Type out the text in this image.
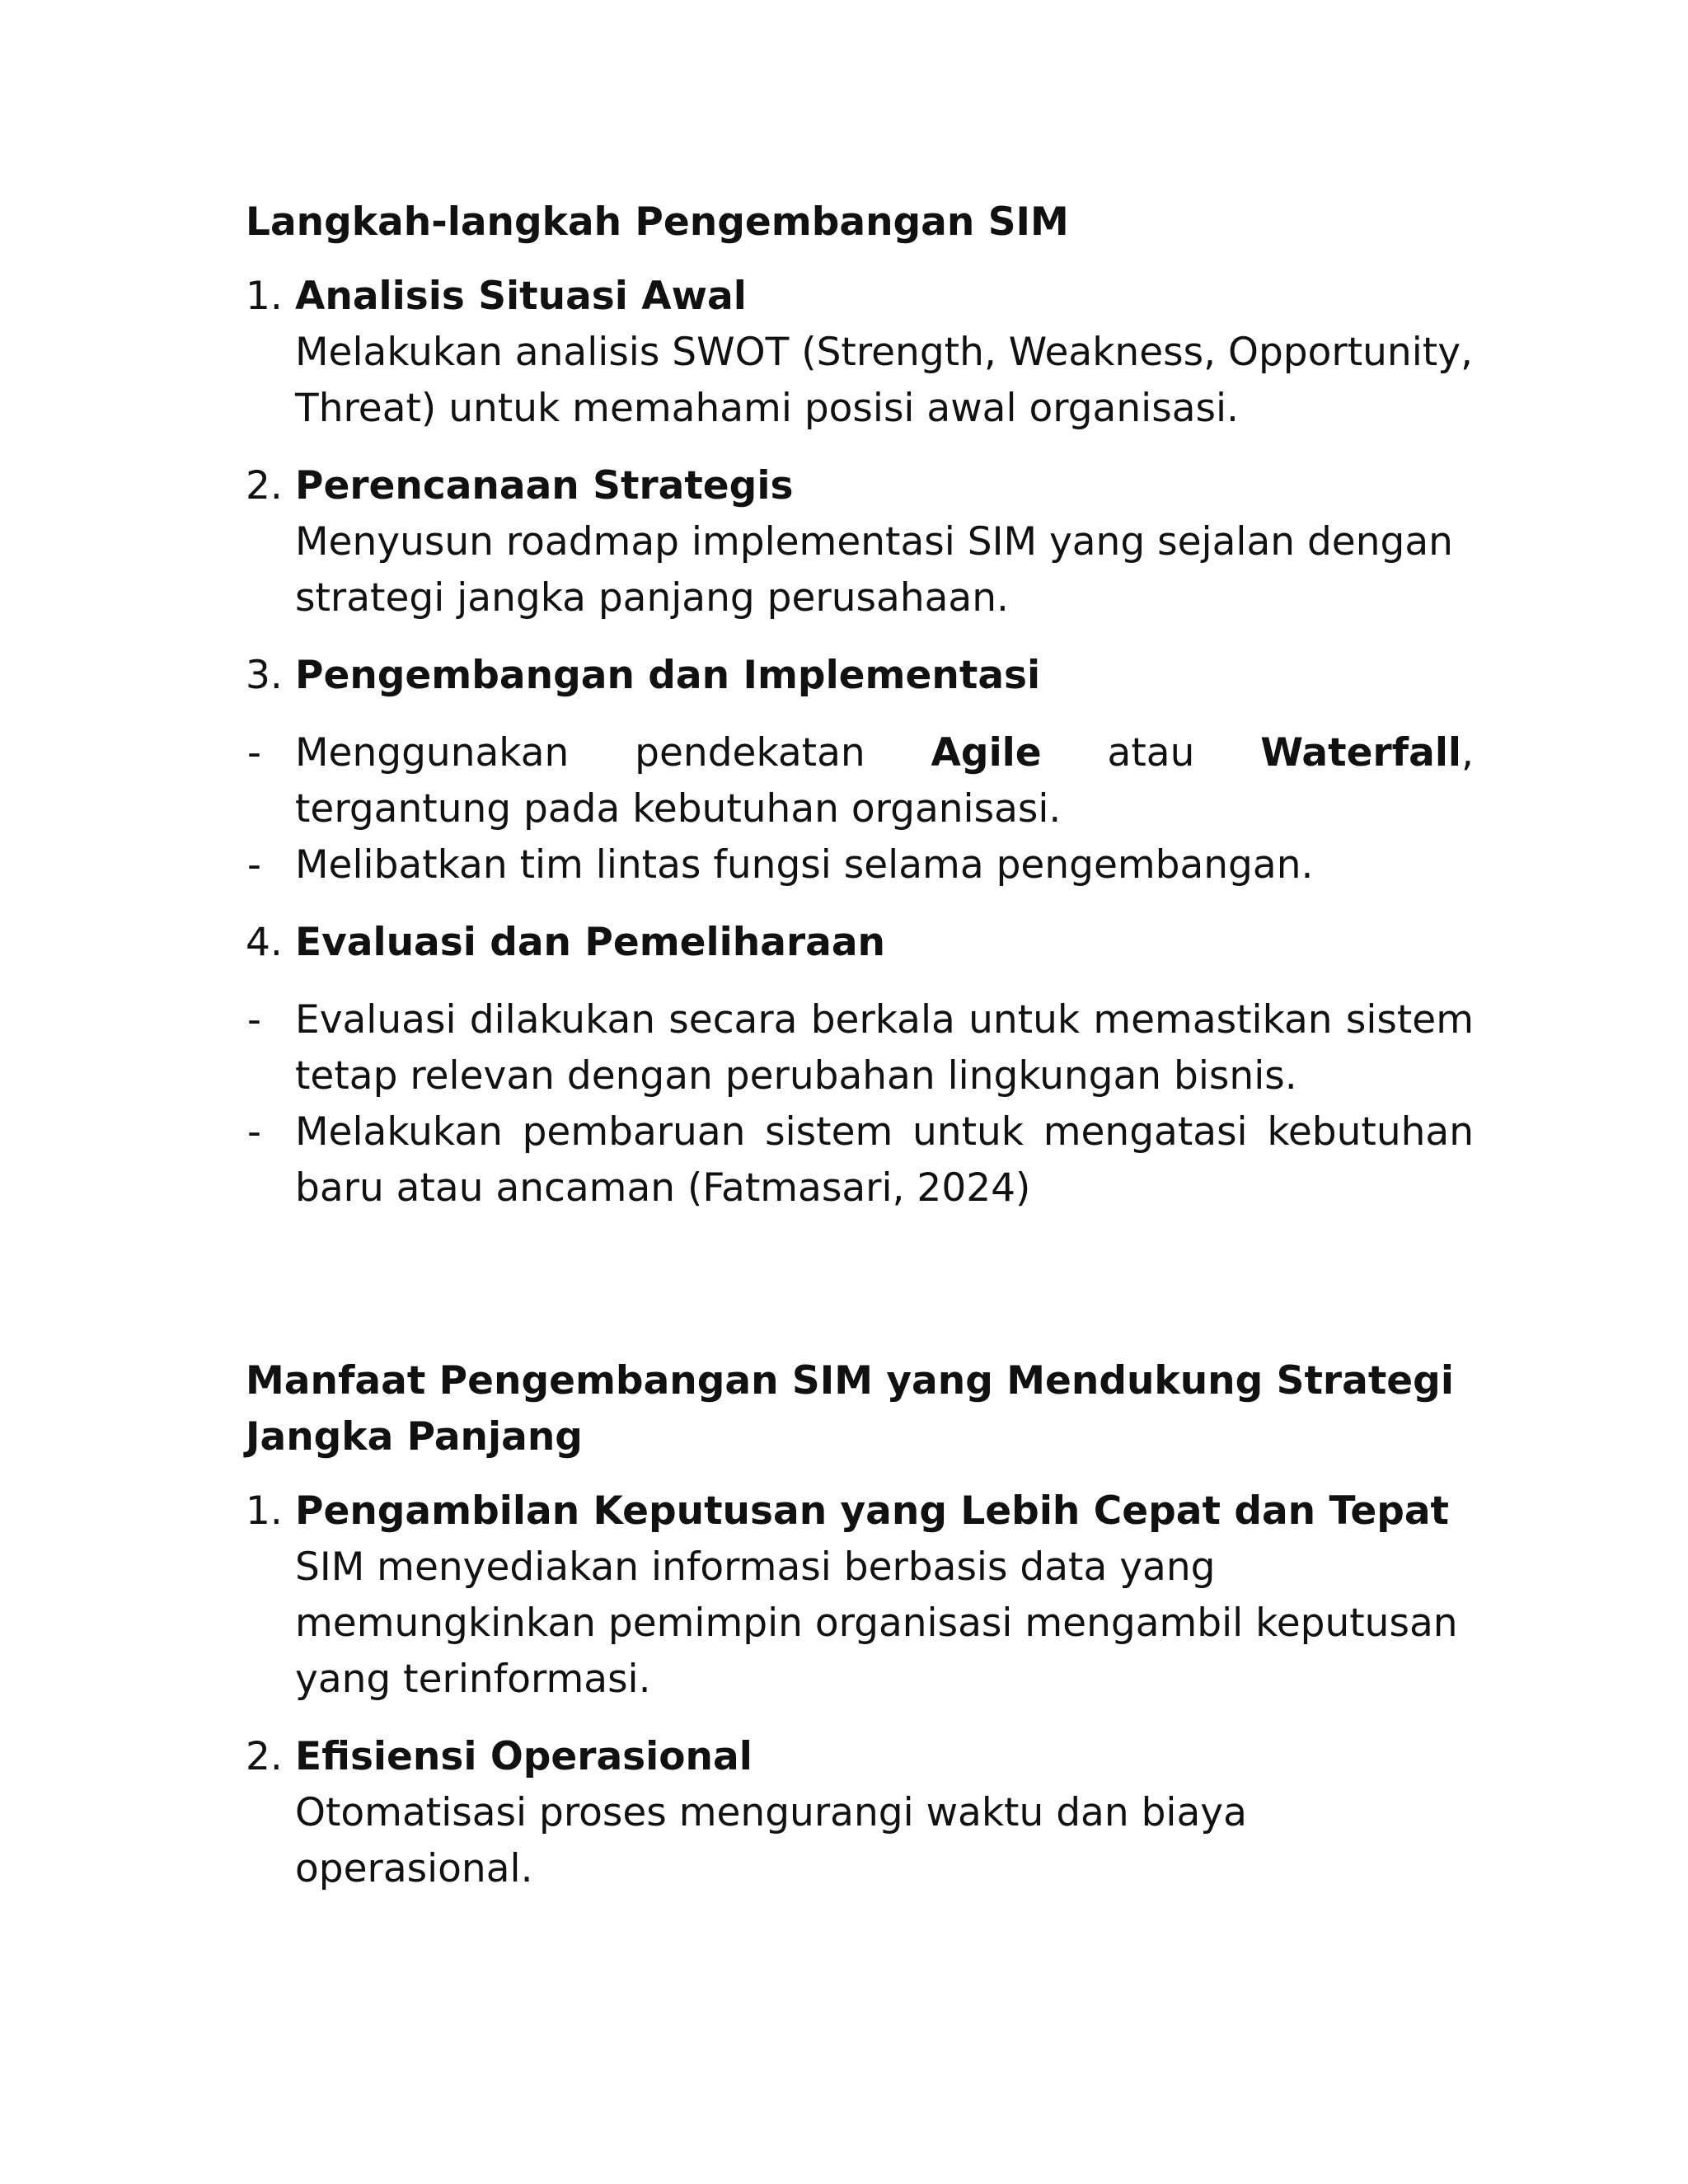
Langkah-langkah Pengembangan SIM

1. Analisis Situasi Awal
Melakukan analisis SWOT (Strength, Weakness, Opportunity, Threat) untuk memahami posisi awal organisasi.
2. Perencanaan Strategis
Menyusun roadmap implementasi SIM yang sejalan dengan strategi jangka panjang perusahaan.
3. Pengembangan dan Implementasi
- Menggunakan pendekatan Agile atau Waterfall, tergantung pada kebutuhan organisasi.
- Melibatkan tim lintas fungsi selama pengembangan.
4. Evaluasi dan Pemeliharaan
- Evaluasi dilakukan secara berkala untuk memastikan sistem tetap relevan dengan perubahan lingkungan bisnis.
- Melakukan pembaruan sistem untuk mengatasi kebutuhan baru atau ancaman (Fatmasari, 2024)

Manfaat Pengembangan SIM yang Mendukung Strategi Jangka Panjang

1. Pengambilan Keputusan yang Lebih Cepat dan Tepat
SIM menyediakan informasi berbasis data yang memungkinkan pemimpin organisasi mengambil keputusan yang terinformasi.
2. Efisiensi Operasional
Otomatisasi proses mengurangi waktu dan biaya operasional.
